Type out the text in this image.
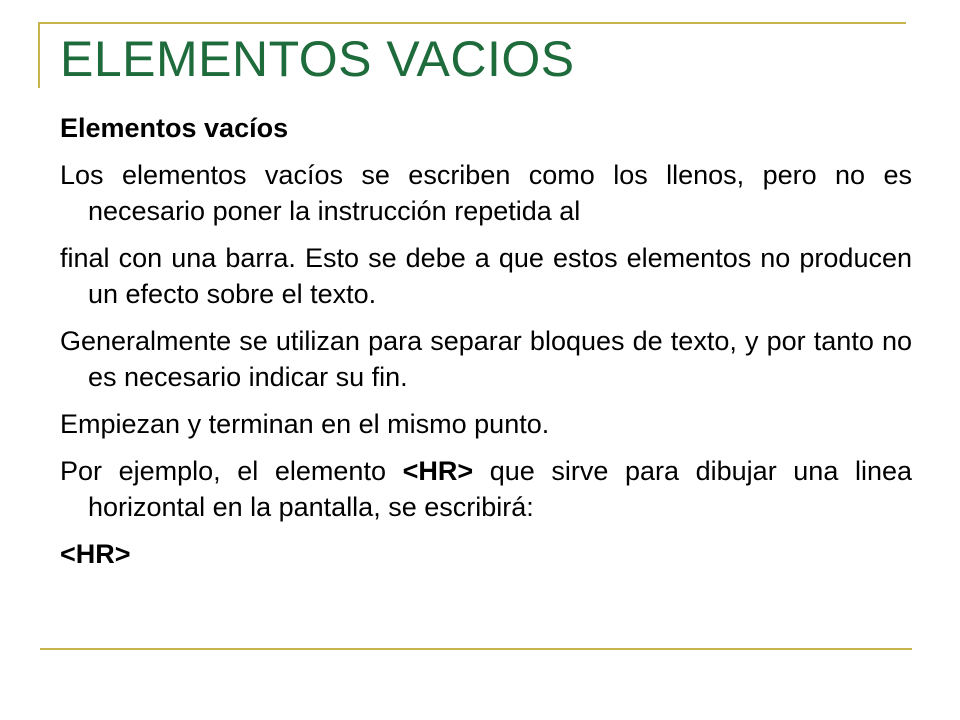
ELEMENTOS VACIOS

Elementos vacíos

Los elementos vacíos se escriben como los llenos, pero no es necesario poner la instrucción repetida al

final con una barra. Esto se debe a que estos elementos no producen un efecto sobre el texto.

Generalmente se utilizan para separar bloques de texto, y por tanto no es necesario indicar su fin.

Empiezan y terminan en el mismo punto.

Por ejemplo, el elemento <HR> que sirve para dibujar una linea horizontal en la pantalla, se escribirá:

<HR>
